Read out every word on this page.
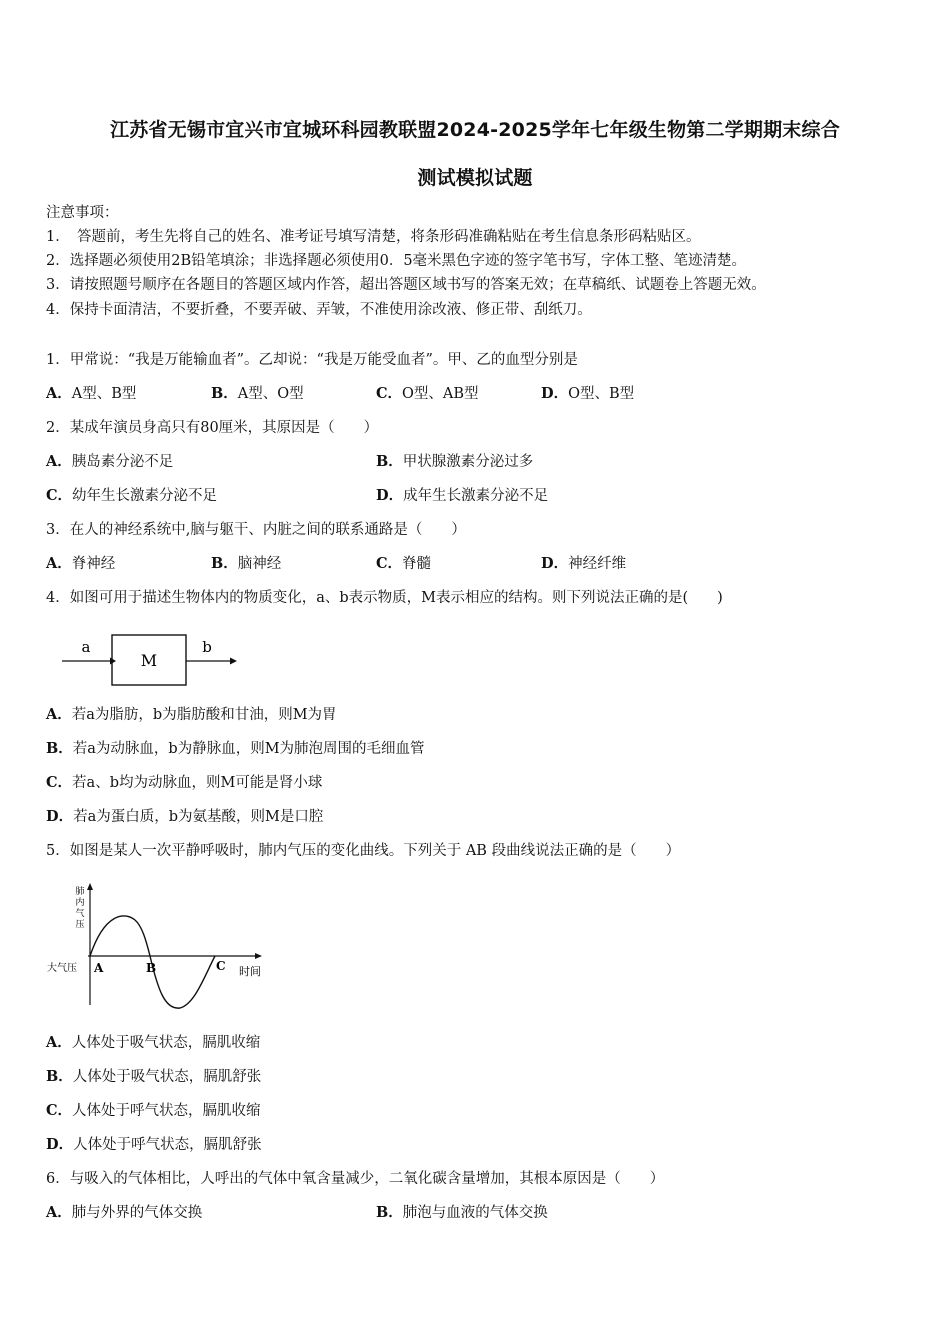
江苏省无锡市宜兴市宜城环科园教联盟2024-2025学年七年级生物第二学期期末综合
测试模拟试题
注意事项：
1．　答题前，考生先将自己的姓名、准考证号填写清楚，将条形码准确粘贴在考生信息条形码粘贴区。
2．选择题必须使用2B铅笔填涂；非选择题必须使用0．5毫米黑色字迹的签字笔书写，字体工整、笔迹清楚。
3．请按照题号顺序在各题目的答题区域内作答，超出答题区域书写的答案无效；在草稿纸、试题卷上答题无效。
4．保持卡面清洁，不要折叠，不要弄破、弄皱，不准使用涂改液、修正带、刮纸刀。
1．甲常说：“我是万能输血者”。乙却说：“我是万能受血者”。甲、乙的血型分别是
A．A型、B型	B．A型、O型	C．O型、AB型	D．O型、B型
2．某成年演员身高只有80厘米，其原因是（　　）
A．胰岛素分泌不足	B．甲状腺激素分泌过多
C．幼年生长激素分泌不足	D．成年生长激素分泌不足
3．在人的神经系统中,脑与躯干、内脏之间的联系通路是（　　）
A．脊神经	B．脑神经	C．脊髓	D．神经纤维
4．如图可用于描述生物体内的物质变化，a、b表示物质，M表示相应的结构。则下列说法正确的是(　　)
a
M
b
A．若a为脂肪，b为脂肪酸和甘油，则M为胃
B．若a为动脉血，b为静脉血，则M为肺泡周围的毛细血管
C．若a、b均为动脉血，则M可能是肾小球
D．若a为蛋白质，b为氨基酸，则M是口腔
5．如图是某人一次平静呼吸时，肺内气压的变化曲线。下列关于 AB 段曲线说法正确的是（　　）
肺
内
气
压
大气压	时间
A	B	C
A．人体处于吸气状态，膈肌收缩
B．人体处于吸气状态，膈肌舒张
C．人体处于呼气状态，膈肌收缩
D．人体处于呼气状态，膈肌舒张
6．与吸入的气体相比，人呼出的气体中氧含量减少，二氧化碳含量增加，其根本原因是（　　）
A．肺与外界的气体交换	B．肺泡与血液的气体交换
